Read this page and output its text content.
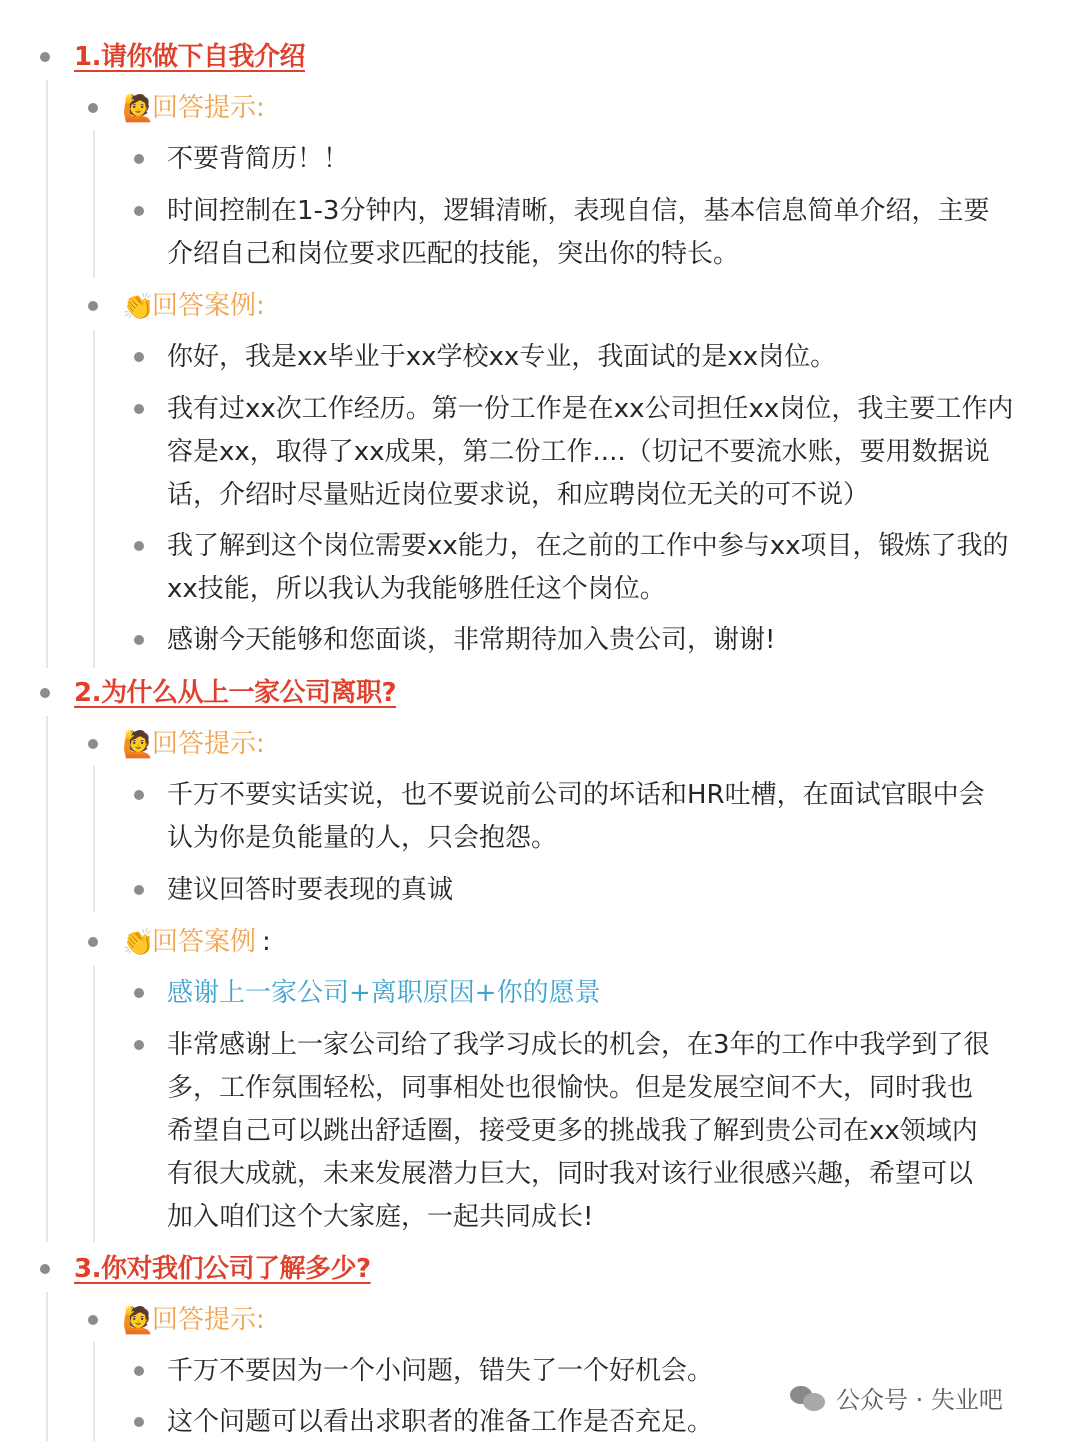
1.请你做下自我介绍
🙋回答提示:
不要背简历！！
时间控制在1-3分钟内，逻辑清晰，表现自信，基本信息简单介绍，主要
介绍自己和岗位要求匹配的技能，突出你的特长。
👏回答案例:
你好，我是xx毕业于xx学校xx专业，我面试的是xx岗位。
我有过xx次工作经历。第一份工作是在xx公司担任xx岗位，我主要工作内
容是xx，取得了xx成果，第二份工作....（切记不要流水账，要用数据说
话，介绍时尽量贴近岗位要求说，和应聘岗位无关的可不说）
我了解到这个岗位需要xx能力，在之前的工作中参与xx项目，锻炼了我的
xx技能，所以我认为我能够胜任这个岗位。
感谢今天能够和您面谈，非常期待加入贵公司，谢谢!
2.为什么从上一家公司离职?
🙋回答提示:
千万不要实话实说，也不要说前公司的坏话和HR吐槽，在面试官眼中会
认为你是负能量的人，只会抱怨。
建议回答时要表现的真诚
👏回答案例 :
感谢上一家公司+离职原因+你的愿景
非常感谢上一家公司给了我学习成长的机会，在3年的工作中我学到了很
多，工作氛围轻松，同事相处也很愉快。但是发展空间不大，同时我也
希望自己可以跳出舒适圈，接受更多的挑战我了解到贵公司在xx领域内
有很大成就，未来发展潜力巨大，同时我对该行业很感兴趣，希望可以
加入咱们这个大家庭，一起共同成长!
3.你对我们公司了解多少?
🙋回答提示:
千万不要因为一个小问题，错失了一个好机会。
这个问题可以看出求职者的准备工作是否充足。
公众号 · 失业吧
